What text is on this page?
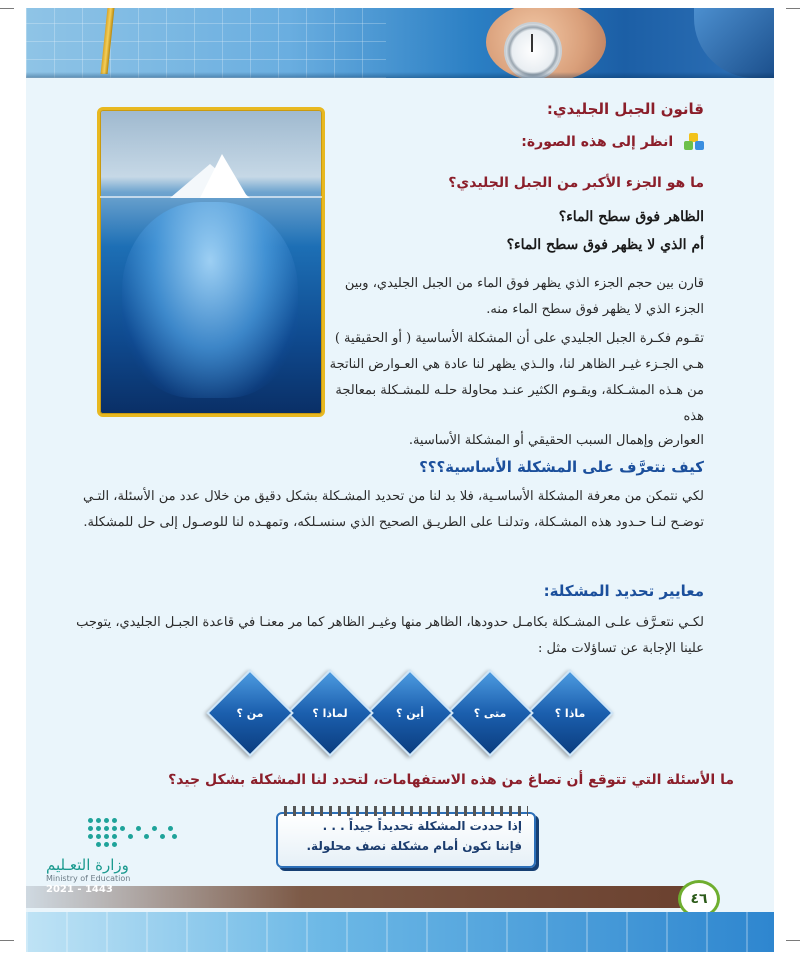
قانون الجبل الجليدي:
انظر إلى هذه الصورة:
ما هو الجزء الأكبر من الجبل الجليدي؟
الظاهر فوق سطح الماء؟
أم الذي لا يظهر فوق سطح الماء؟
قارن بين حجم الجزء الذي يظهر فوق الماء من الجبل الجليدي، وبين الجزء الذي لا يظهر فوق سطح الماء منه.
تقـوم فكـرة الجبل الجليدي على أن المشكلة الأساسية ( أو الحقيقية ) هـي الجـزء غيـر الظاهر لنا، والـذي يظهر لنا عادة هي العـوارض الناتجة من هـذه المشـكلة، ويقـوم الكثير عنـد محاولة حلـه للمشـكلة بمعالجة هذه
العوارض وإهمال السبب الحقيقي أو المشكلة الأساسية.
كيف نتعرَّف على المشكلة الأساسية؟؟؟
لكي نتمكن من معرفة المشكلة الأساسـية، فلا بد لنا من تحديد المشـكلة بشكل دقيق من خلال عدد من الأسئلة، التـي توضـح لنـا حـدود هذه المشـكلة، وتدلنـا على الطريـق الصحيح الذي سنسـلكه، وتمهـده لنا للوصـول إلى حل للمشكلة.
معايير تحديد المشكلة:
لكـي نتعـرَّف علـى المشـكلة بكامـل حدودها، الظاهر منها وغيـر الظاهر كما مر معنـا في قاعدة الجبـل الجليدي، يتوجب علينا الإجابة عن تساؤلات مثل :
ماذا ؟
متى ؟
أين ؟
لماذا ؟
من ؟
ما الأسئلة التي تتوقع أن تصاغ من هذه الاستفهامات، لتحدد لنا المشكلة بشكل جيد؟
إذا حددت المشكلة تحديداً جيداً . . .
فإننا نكون أمام مشكلة نصف محلولة.
وزارة التعـليم
Ministry of Education
٤٦
2021 - 1443
